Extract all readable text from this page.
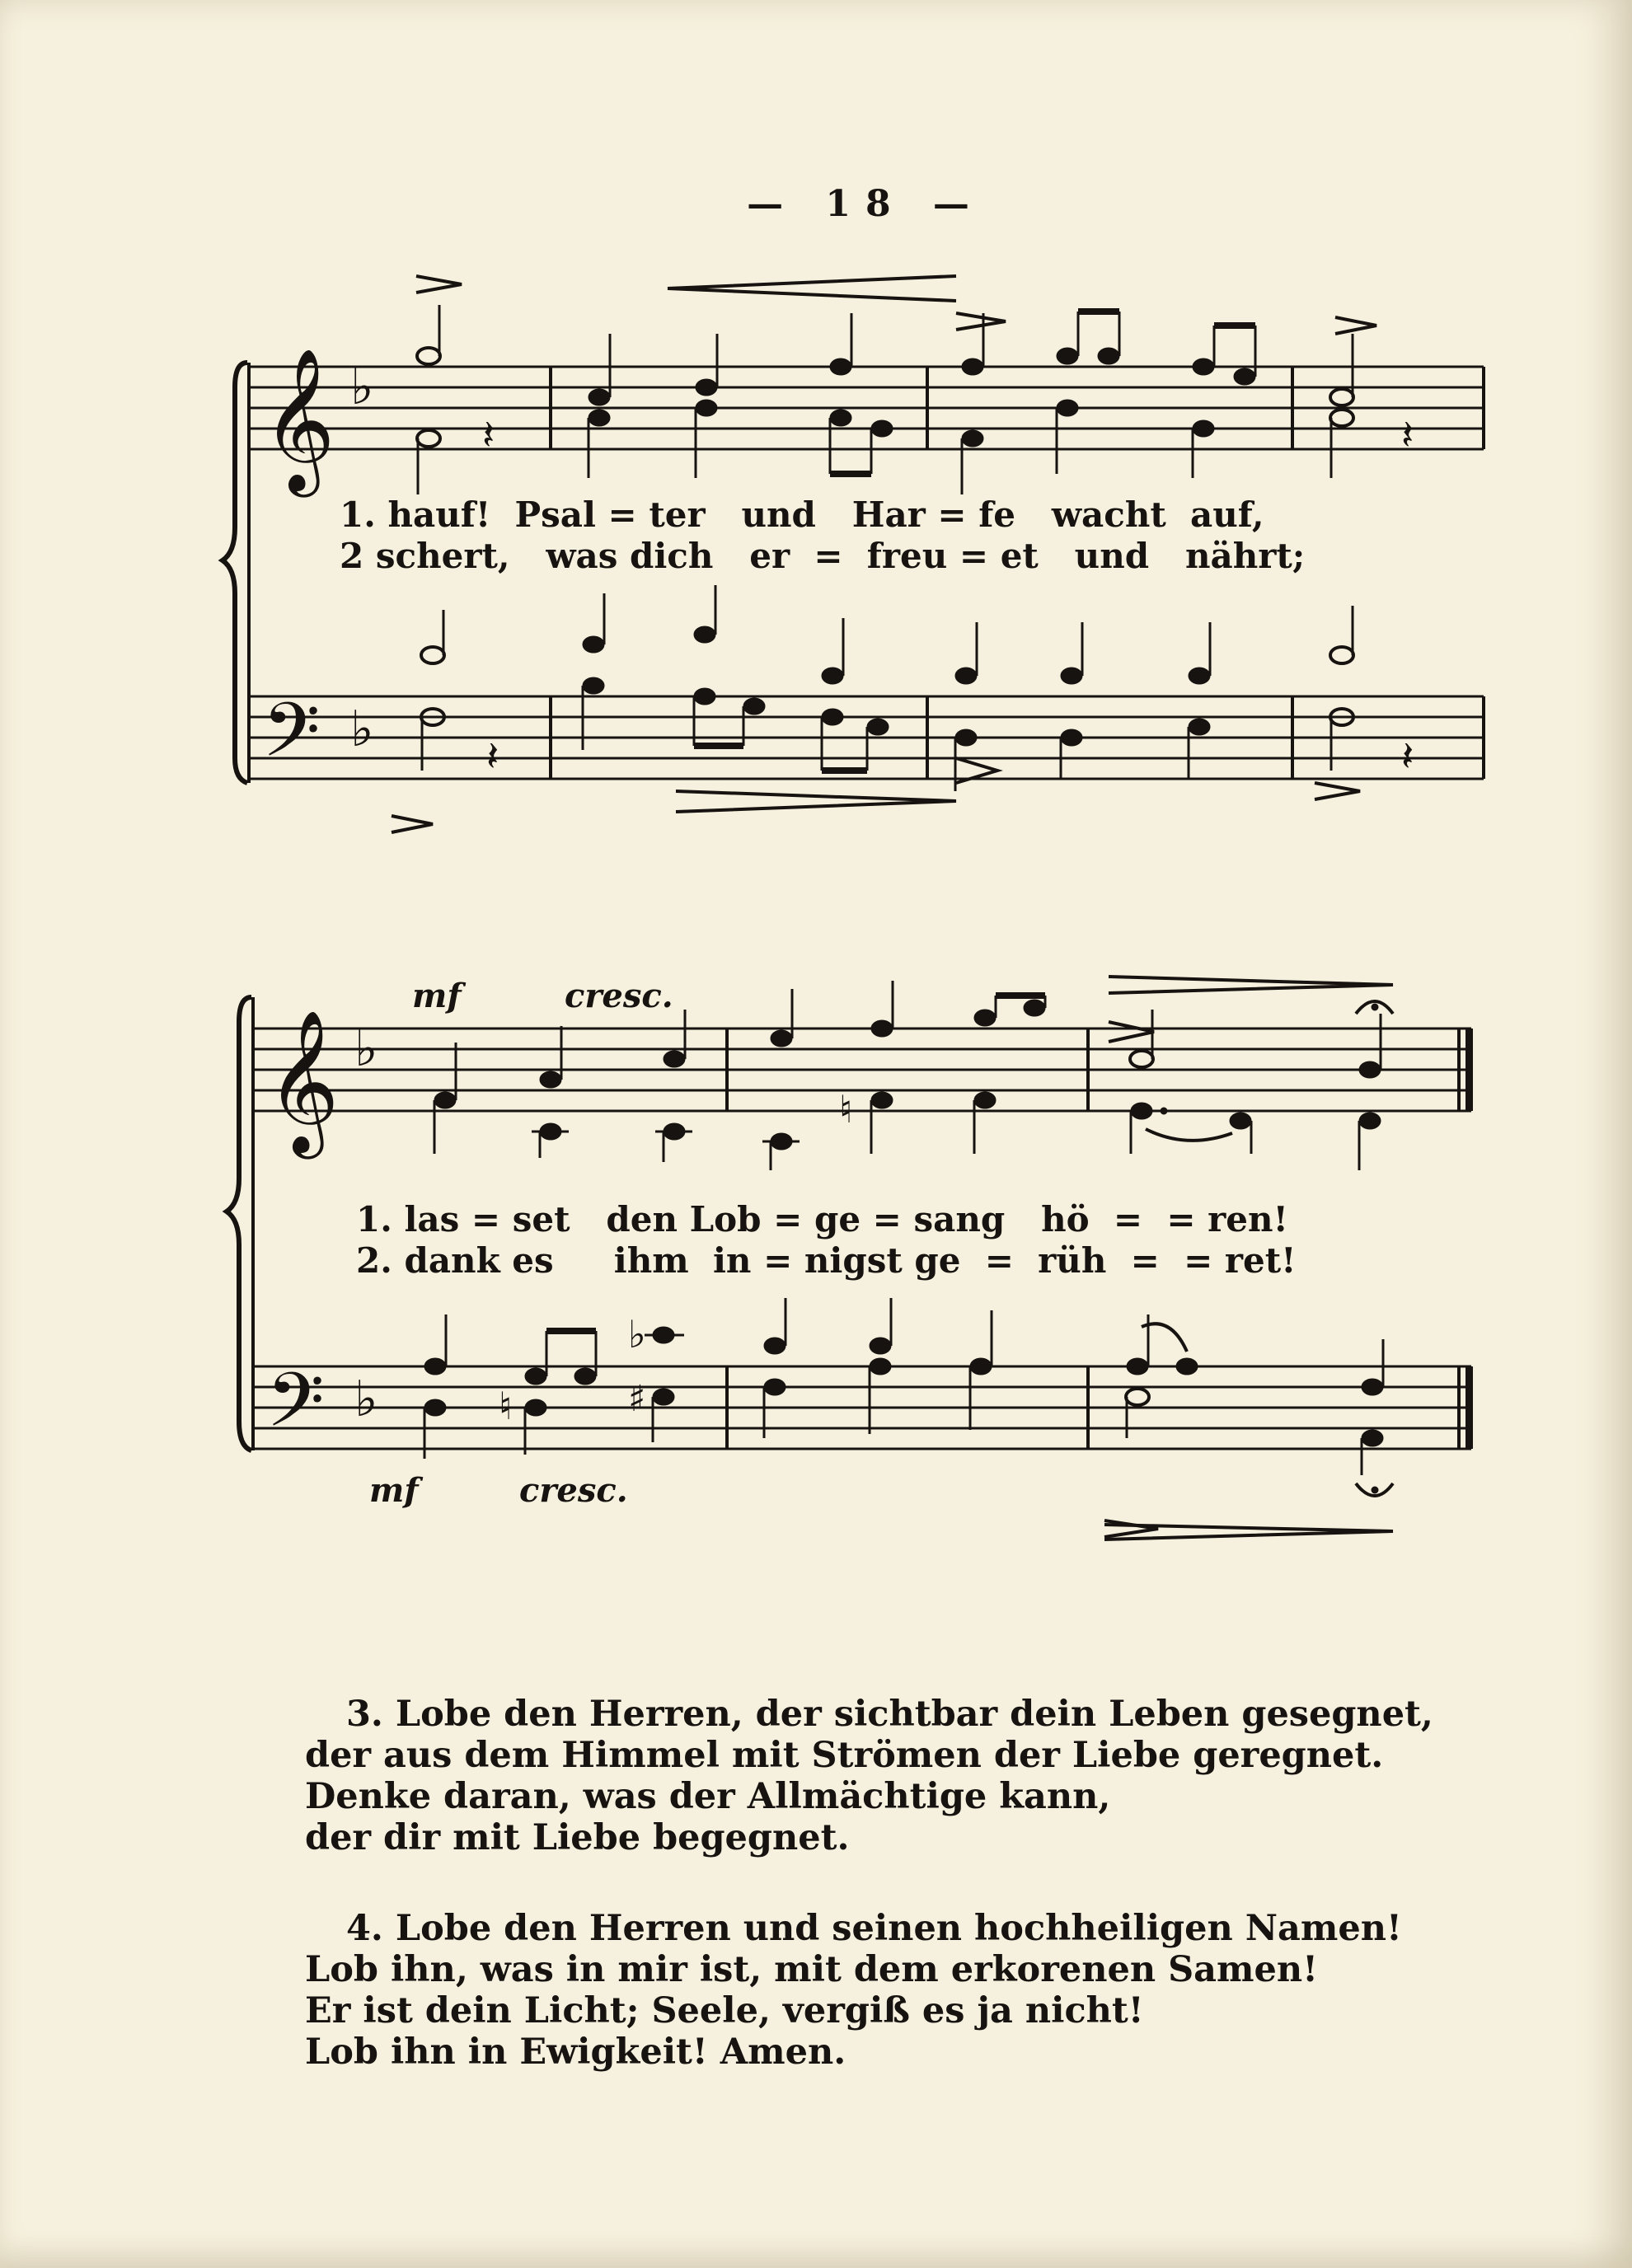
— 18 —
𝄞
𝄢
♭
♭
𝄽	𝄽
𝄽	𝄽
𝄞
𝄢
♭
♭
♮
♮
♭
♯
1. hauf!  Psal = ter   und   Har = fe   wacht  auf,
2 schert,   was dich   er  =  freu = et   und   nährt;
mf	cresc.
mf	cresc.
1. las = set   den Lob = ge = sang   hö  =  = ren!
2. dank es     ihm  in = nigst ge  =  rüh  =  = ret!
3. Lobe den Herren, der sichtbar dein Leben gesegnet,
der aus dem Himmel mit Strömen der Liebe geregnet.
Denke daran, was der Allmächtige kann,
der dir mit Liebe begegnet.
4. Lobe den Herren und seinen hochheiligen Namen!
Lob ihn, was in mir ist, mit dem erkorenen Samen!
Er ist dein Licht; Seele, vergiß es ja nicht!
Lob ihn in Ewigkeit! Amen.
